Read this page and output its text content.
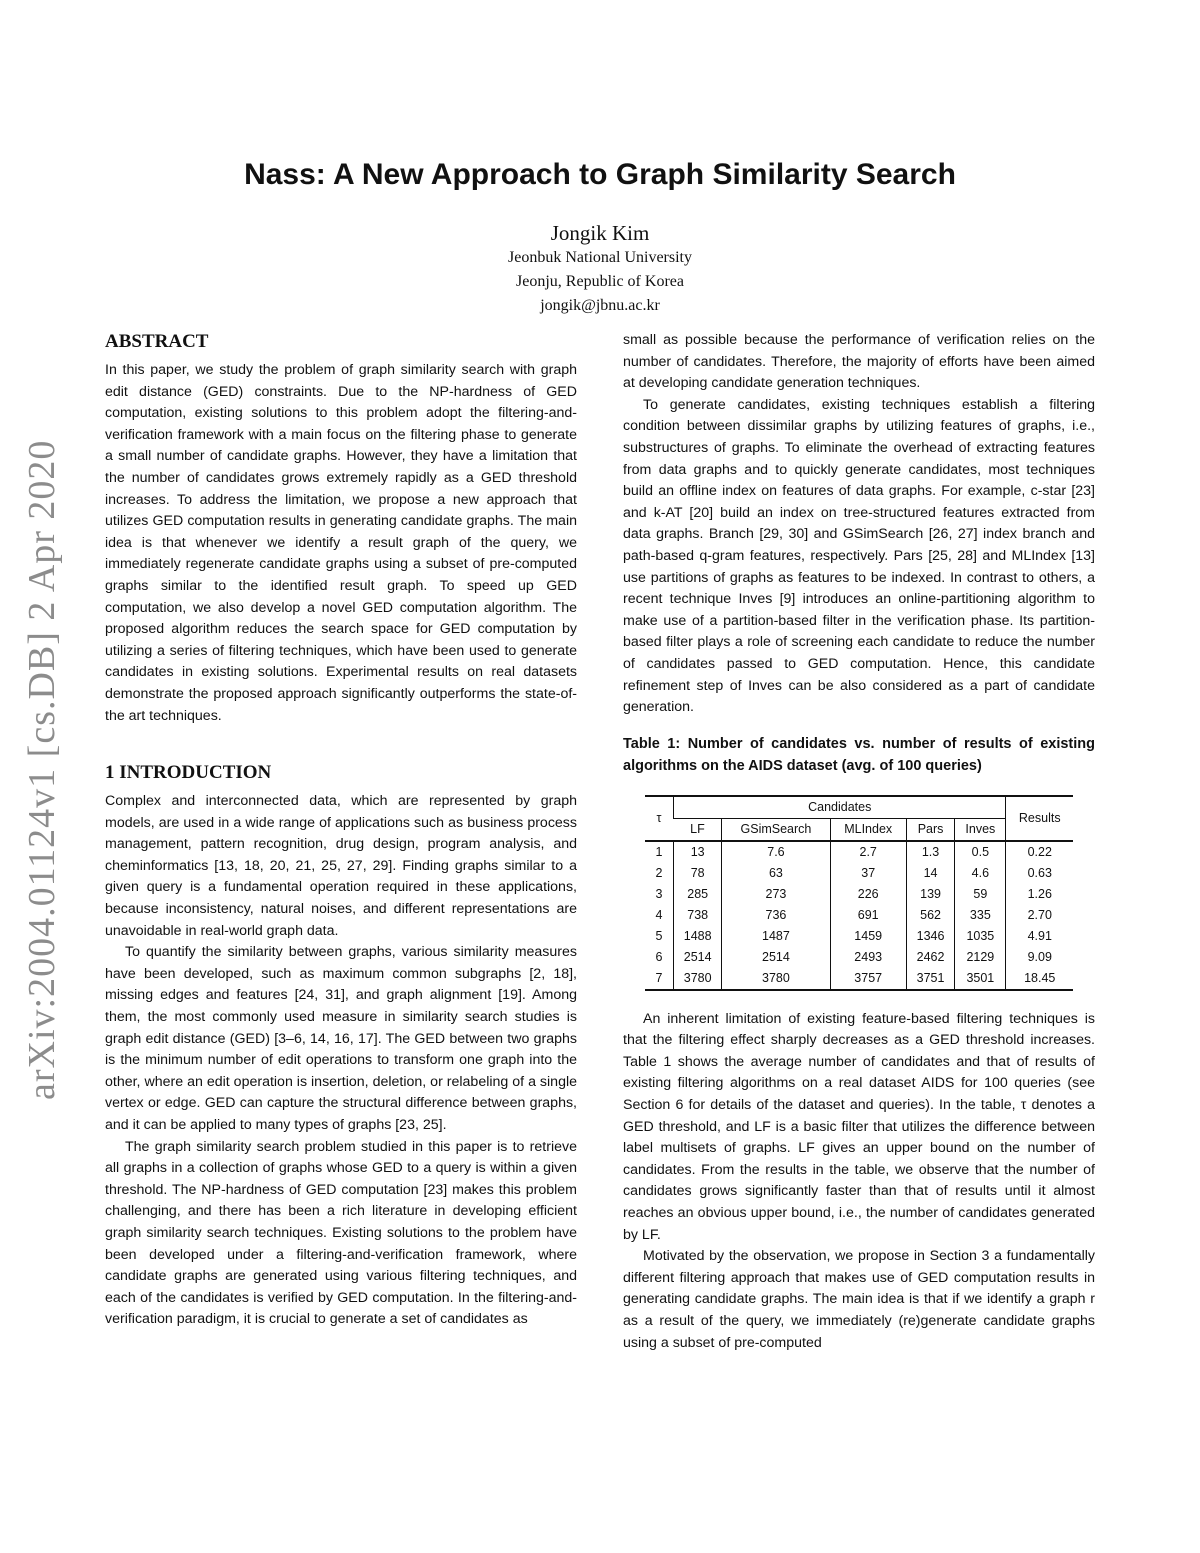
arXiv:2004.01124v1 [cs.DB] 2 Apr 2020
Nass: A New Approach to Graph Similarity Search
Jongik Kim
Jeonbuk National University
Jeonju, Republic of Korea
jongik@jbnu.ac.kr
ABSTRACT

In this paper, we study the problem of graph similarity search with graph edit distance (GED) constraints. Due to the NP-hardness of GED computation, existing solutions to this problem adopt the filtering-and-verification framework with a main focus on the filtering phase to generate a small number of candidate graphs. However, they have a limitation that the number of candidates grows extremely rapidly as a GED threshold increases. To address the limitation, we propose a new approach that utilizes GED computation results in generating candidate graphs. The main idea is that whenever we identify a result graph of the query, we immediately regenerate candidate graphs using a subset of pre-computed graphs similar to the identified result graph. To speed up GED computation, we also develop a novel GED computation algorithm. The proposed algorithm reduces the search space for GED computation by utilizing a series of filtering techniques, which have been used to generate candidates in existing solutions. Experimental results on real datasets demonstrate the proposed approach significantly outperforms the state-of-the art techniques.

1 INTRODUCTION

Complex and interconnected data, which are represented by graph models, are used in a wide range of applications such as business process management, pattern recognition, drug design, program analysis, and cheminformatics [13, 18, 20, 21, 25, 27, 29]. Finding graphs similar to a given query is a fundamental operation required in these applications, because inconsistency, natural noises, and different representations are unavoidable in real-world graph data.

To quantify the similarity between graphs, various similarity measures have been developed, such as maximum common subgraphs [2, 18], missing edges and features [24, 31], and graph alignment [19]. Among them, the most commonly used measure in similarity search studies is graph edit distance (GED) [3–6, 14, 16, 17]. The GED between two graphs is the minimum number of edit operations to transform one graph into the other, where an edit operation is insertion, deletion, or relabeling of a single vertex or edge. GED can capture the structural difference between graphs, and it can be applied to many types of graphs [23, 25].

The graph similarity search problem studied in this paper is to retrieve all graphs in a collection of graphs whose GED to a query is within a given threshold. The NP-hardness of GED computation [23] makes this problem challenging, and there has been a rich literature in developing efficient graph similarity search techniques. Existing solutions to the problem have been developed under a filtering-and-verification framework, where candidate graphs are generated using various filtering techniques, and each of the candidates is verified by GED computation. In the filtering-and-verification paradigm, it is crucial to generate a set of candidates as

small as possible because the performance of verification relies on the number of candidates. Therefore, the majority of efforts have been aimed at developing candidate generation techniques.

To generate candidates, existing techniques establish a filtering condition between dissimilar graphs by utilizing features of graphs, i.e., substructures of graphs. To eliminate the overhead of extracting features from data graphs and to quickly generate candidates, most techniques build an offline index on features of data graphs. For example, c-star [23] and k-AT [20] build an index on tree-structured features extracted from data graphs. Branch [29, 30] and GSimSearch [26, 27] index branch and path-based q-gram features, respectively. Pars [25, 28] and MLIndex [13] use partitions of graphs as features to be indexed. In contrast to others, a recent technique Inves [9] introduces an online-partitioning algorithm to make use of a partition-based filter in the verification phase. Its partition-based filter plays a role of screening each candidate to reduce the number of candidates passed to GED computation. Hence, this candidate refinement step of Inves can be also considered as a part of candidate generation.

Table 1: Number of candidates vs. number of results of existing algorithms on the AIDS dataset (avg. of 100 queries)
τ	Candidates					Results
	LF	GSimSearch	MLIndex	Pars	Inves	
1	13	7.6	2.7	1.3	0.5	0.22
2	78	63	37	14	4.6	0.63
3	285	273	226	139	59	1.26
4	738	736	691	562	335	2.70
5	1488	1487	1459	1346	1035	4.91
6	2514	2514	2493	2462	2129	9.09
7	3780	3780	3757	3751	3501	18.45

An inherent limitation of existing feature-based filtering techniques is that the filtering effect sharply decreases as a GED threshold increases. Table 1 shows the average number of candidates and that of results of existing filtering algorithms on a real dataset AIDS for 100 queries (see Section 6 for details of the dataset and queries). In the table, τ denotes a GED threshold, and LF is a basic filter that utilizes the difference between label multisets of graphs. LF gives an upper bound on the number of candidates. From the results in the table, we observe that the number of candidates grows significantly faster than that of results until it almost reaches an obvious upper bound, i.e., the number of candidates generated by LF.

Motivated by the observation, we propose in Section 3 a fundamentally different filtering approach that makes use of GED computation results in generating candidate graphs. The main idea is that if we identify a graph r as a result of the query, we immediately (re)generate candidate graphs using a subset of pre-computed
